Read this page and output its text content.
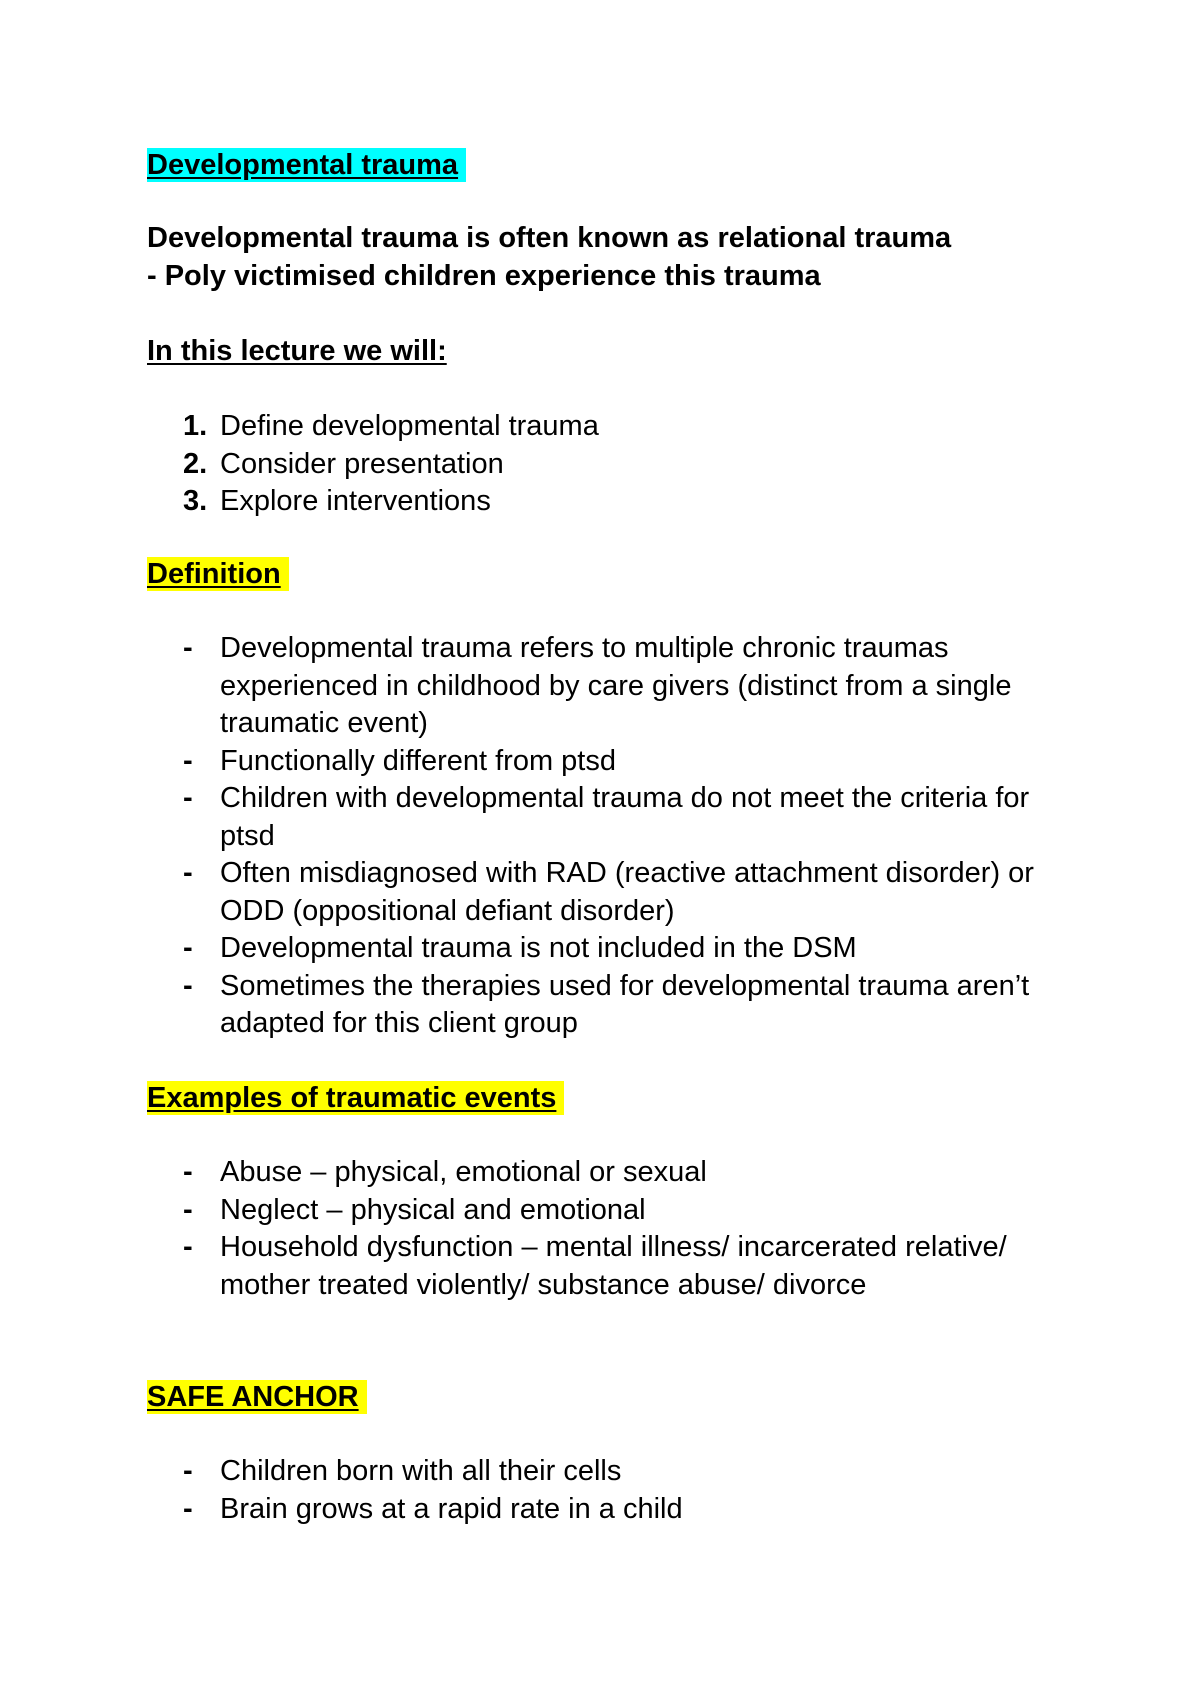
Developmental trauma

Developmental trauma is often known as relational trauma

- Poly victimised children experience this trauma

In this lecture we will:
1. Define developmental trauma
2. Consider presentation
3. Explore interventions
Definition
- Developmental trauma refers to multiple chronic traumas experienced in childhood by care givers (distinct from a single traumatic event)
- Functionally different from ptsd
- Children with developmental trauma do not meet the criteria for ptsd
- Often misdiagnosed with RAD (reactive attachment disorder) or ODD (oppositional defiant disorder)
- Developmental trauma is not included in the DSM
- Sometimes the therapies used for developmental trauma aren’t adapted for this client group
Examples of traumatic events
- Abuse – physical, emotional or sexual
- Neglect – physical and emotional
- Household dysfunction – mental illness/ incarcerated relative/ mother treated violently/ substance abuse/ divorce
SAFE ANCHOR
- Children born with all their cells
- Brain grows at a rapid rate in a child
